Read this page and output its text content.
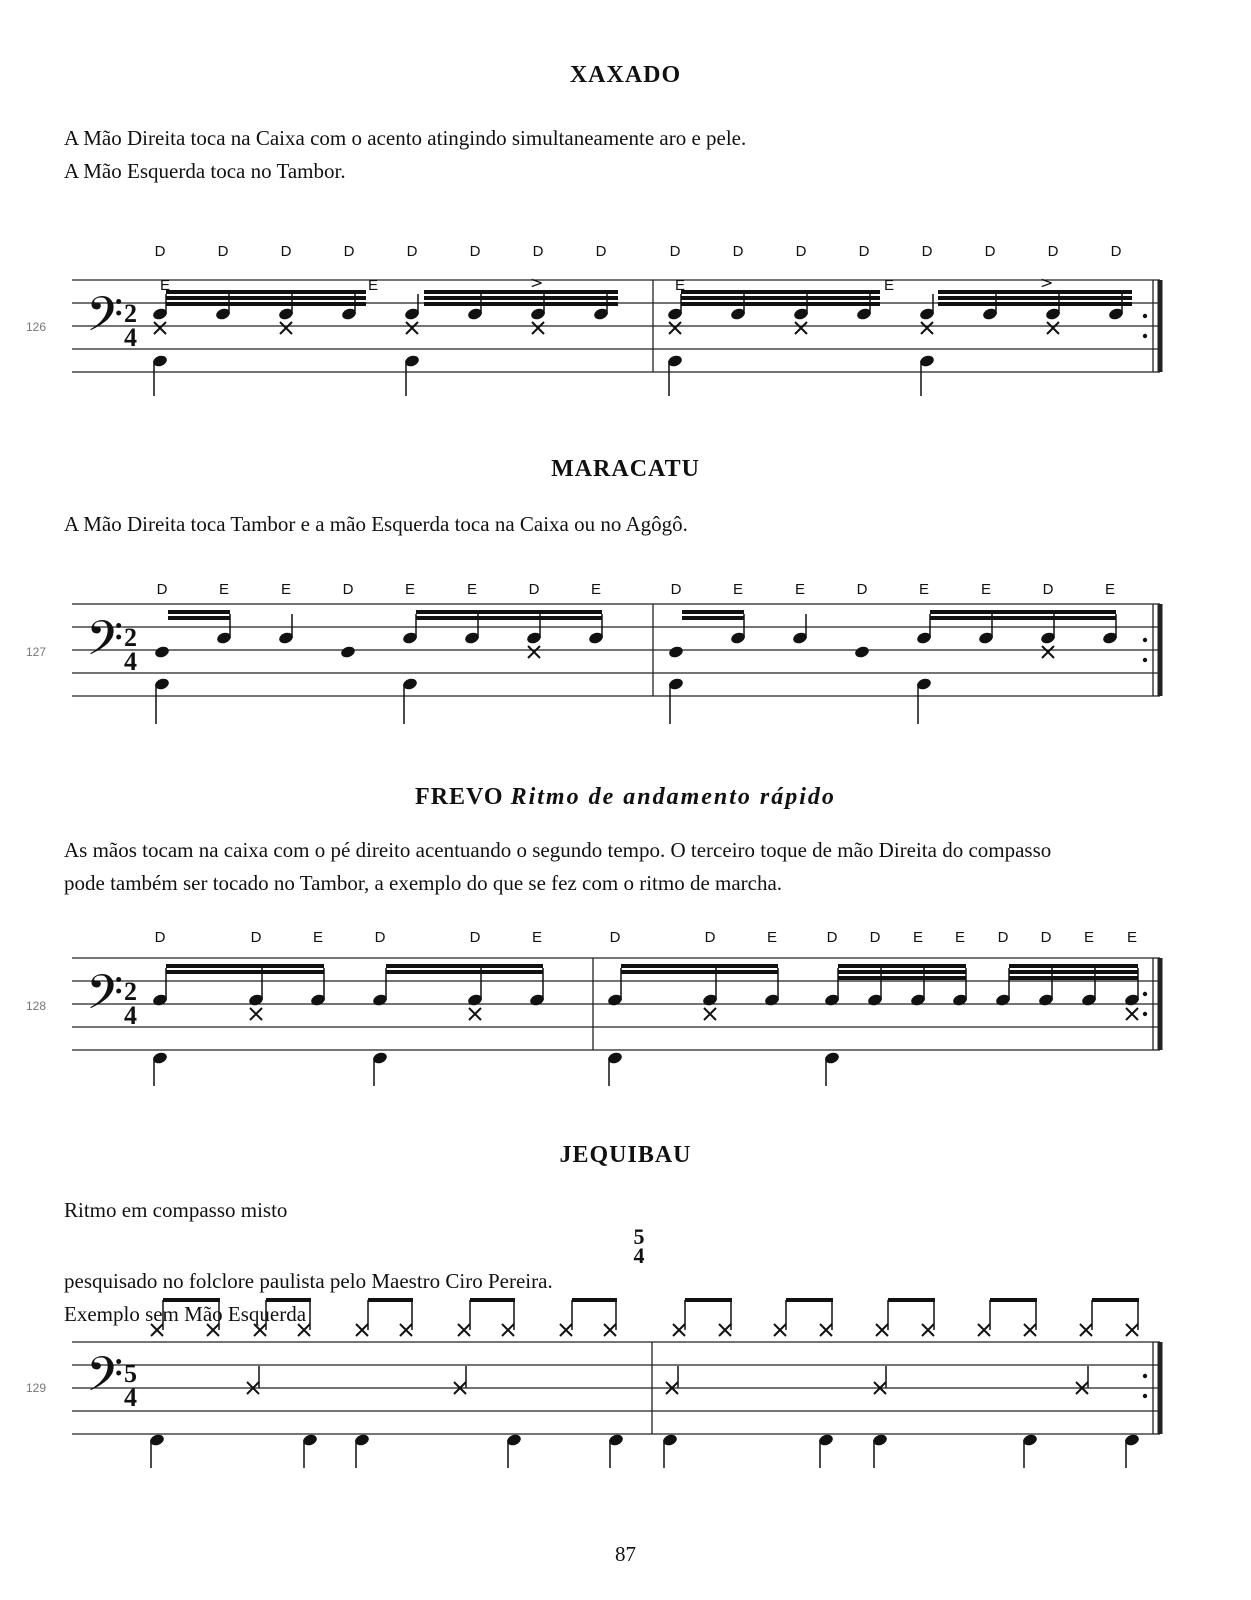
XAXADO

A Mão Direita toca na Caixa com o acento atingindo simultaneamente aro e pele.
A Mão Esquerda toca no Tambor.

D	D	D	D	D	D	D	D	D	D	D	D	D	D	D	D
126 𝄢 2
4
E	E	E	E
>	>
MARACATU

A Mão Direita toca Tambor e a mão Esquerda toca na Caixa ou no Agôgô.

D	E	E	D	E	E	D	E	D	E	E	D	E	E	D	E
127 𝄢 2
4
FREVO Ritmo de andamento rápido

As mãos tocam na caixa com o pé direito acentuando o segundo tempo. O terceiro toque de mão Direita do compasso
pode também ser tocado no Tambor, a exemplo do que se fez com o ritmo de marcha.

D	D	E	D	D	E	D	D	E	D D E E D D E E
128 𝄢 2
4
JEQUIBAU

Ritmo em compasso misto
5
4
pesquisado no folclore paulista pelo Maestro Ciro Pereira.
Exemplo sem Mão Esquerda

129 𝄢 5
4

87
